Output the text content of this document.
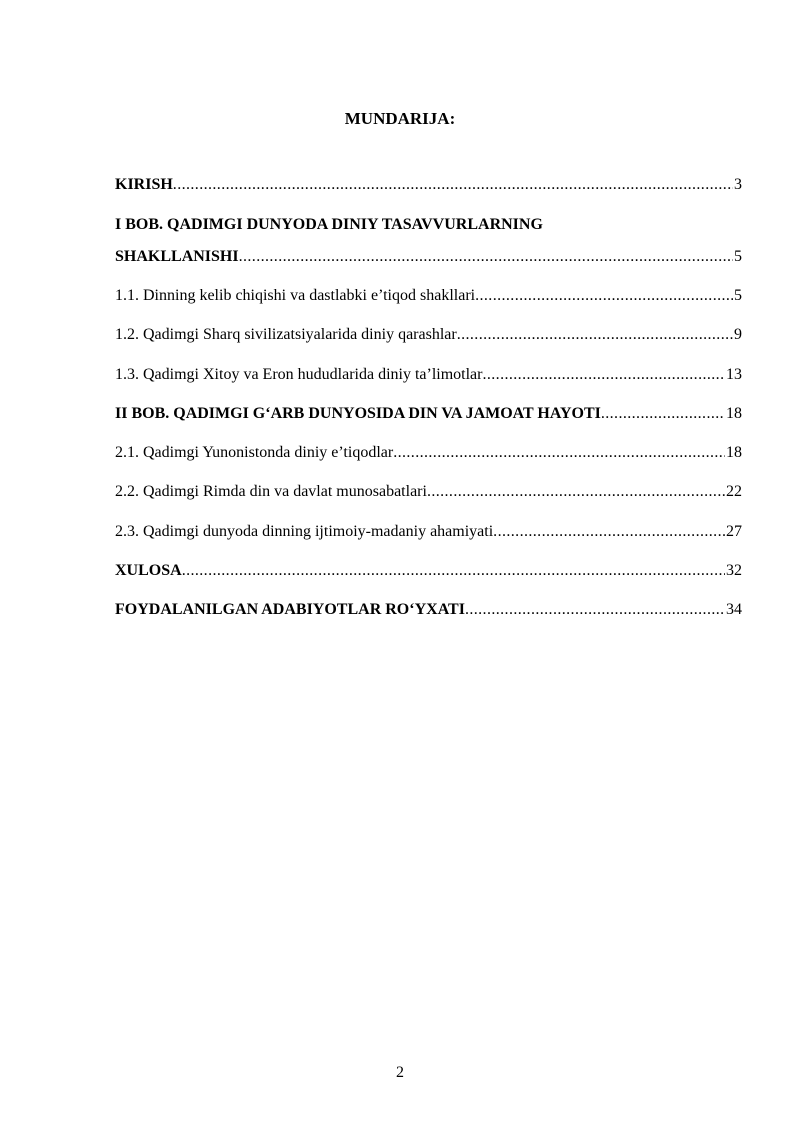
MUNDARIJA:
KIRISH .....	3
I BOB. QADIMGI DUNYODA DINIY TASAVVURLARNING
SHAKLLANISHI .....	5
1.1. Dinning kelib chiqishi va dastlabki e’tiqod shakllari .....	5
1.2. Qadimgi Sharq sivilizatsiyalarida diniy qarashlar .....	9
1.3. Qadimgi Xitoy va Eron hududlarida diniy ta’limotlar .....	13
II BOB. QADIMGI G‘ARB DUNYOSIDA DIN VA JAMOAT HAYOTI .....	18
2.1. Qadimgi Yunonistonda diniy e’tiqodlar .....	18
2.2. Qadimgi Rimda din va davlat munosabatlari .....	22
2.3. Qadimgi dunyoda dinning ijtimoiy-madaniy ahamiyati .....	27
XULOSA .....	32
FOYDALANILGAN ADABIYOTLAR RO‘YXATI .....	34
2
